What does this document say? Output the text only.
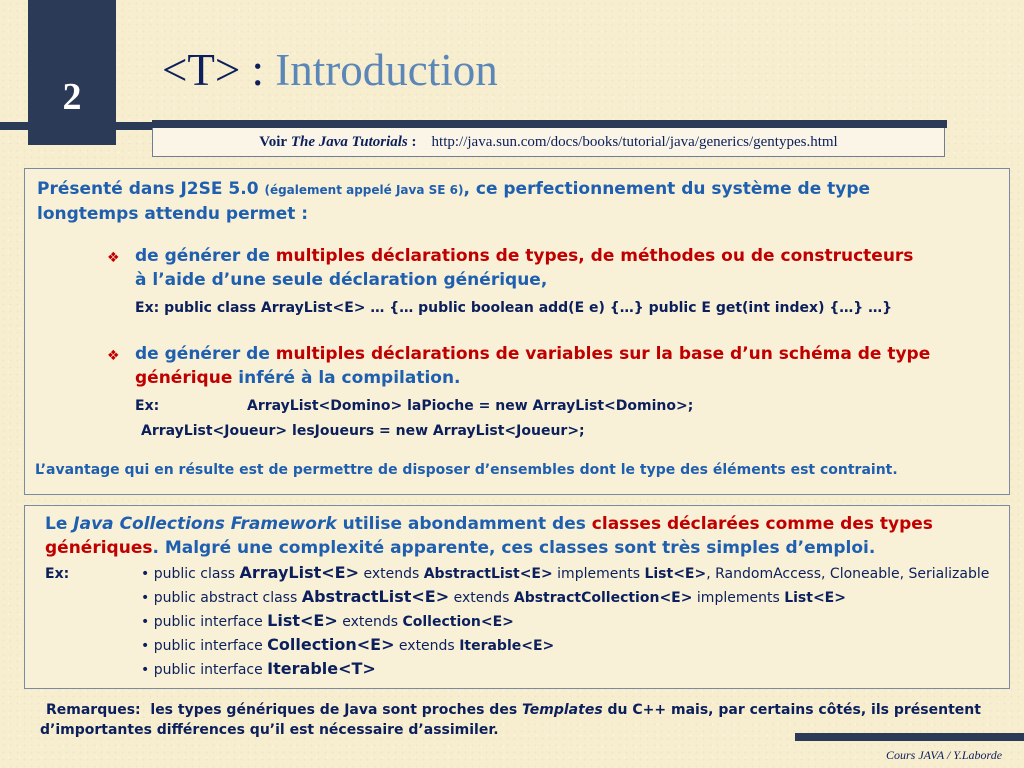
2
<T> : Introduction
Voir The Java Tutorials : http://java.sun.com/docs/books/tutorial/java/generics/gentypes.html
Présenté dans J2SE 5.0 (également appelé Java SE 6), ce perfectionnement du système de type
longtemps attendu permet :
❖ de générer de multiples déclarations de types, de méthodes ou de constructeurs
à l’aide d’une seule déclaration générique,
Ex: public class ArrayList<E> … {… public boolean add(E e) {…} public E get(int index) {…} …}
❖ de générer de multiples déclarations de variables sur la base d’un schéma de type
générique inféré à la compilation.
Ex:	ArrayList<Domino> laPioche = new ArrayList<Domino>;
ArrayList<Joueur> lesJoueurs = new ArrayList<Joueur>;
L’avantage qui en résulte est de permettre de disposer d’ensembles dont le type des éléments est contraint.
Le Java Collections Framework utilise abondamment des classes déclarées comme des types
génériques. Malgré une complexité apparente, ces classes sont très simples d’emploi.
Ex:	• public class ArrayList<E> extends AbstractList<E> implements List<E>, RandomAccess, Cloneable, Serializable
• public abstract class AbstractList<E> extends AbstractCollection<E> implements List<E>
• public interface List<E> extends Collection<E>
• public interface Collection<E> extends Iterable<E>
• public interface Iterable<T>
Remarques: les types génériques de Java sont proches des Templates du C++ mais, par certains côtés, ils présentent
d’importantes différences qu’il est nécessaire d’assimiler.
Cours JAVA / Y.Laborde
